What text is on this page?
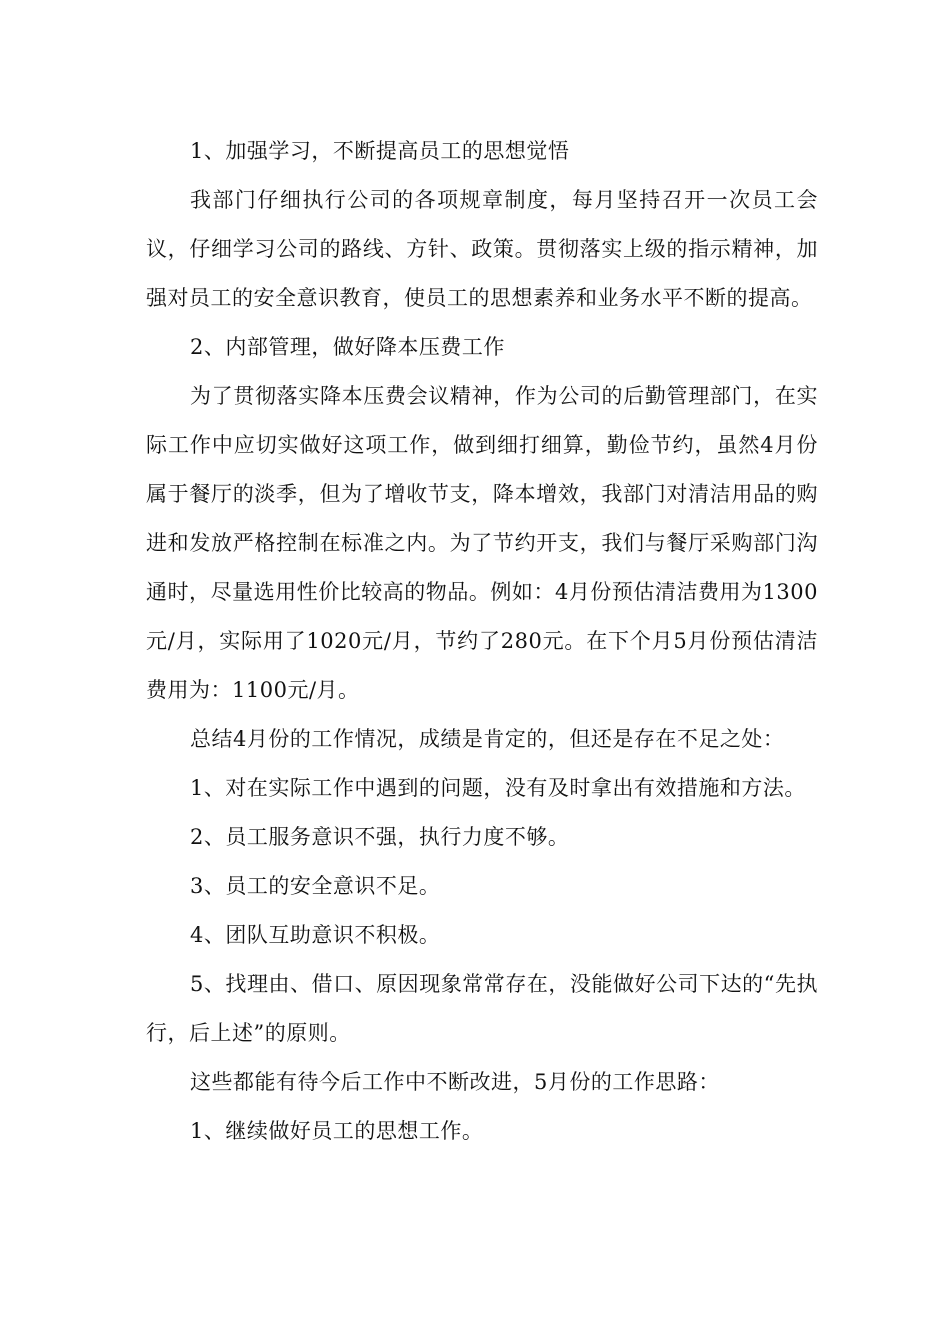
1、加强学习，不断提高员工的思想觉悟

我部门仔细执行公司的各项规章制度，每月坚持召开一次员工会议，仔细学习公司的路线、方针、政策。贯彻落实上级的指示精神，加强对员工的安全意识教育，使员工的思想素养和业务水平不断的提高。

2、内部管理，做好降本压费工作

为了贯彻落实降本压费会议精神，作为公司的后勤管理部门，在实际工作中应切实做好这项工作，做到细打细算，勤俭节约，虽然4月份属于餐厅的淡季，但为了增收节支，降本增效，我部门对清洁用品的购进和发放严格控制在标准之内。为了节约开支，我们与餐厅采购部门沟通时，尽量选用性价比较高的物品。例如：4月份预估清洁费用为1300元/月，实际用了1020元/月，节约了280元。在下个月5月份预估清洁费用为：1100元/月。

总结4月份的工作情况，成绩是肯定的，但还是存在不足之处：

1、对在实际工作中遇到的问题，没有及时拿出有效措施和方法。

2、员工服务意识不强，执行力度不够。

3、员工的安全意识不足。

4、团队互助意识不积极。

5、找理由、借口、原因现象常常存在，没能做好公司下达的“先执行，后上述”的原则。

这些都能有待今后工作中不断改进，5月份的工作思路：

1、继续做好员工的思想工作。
